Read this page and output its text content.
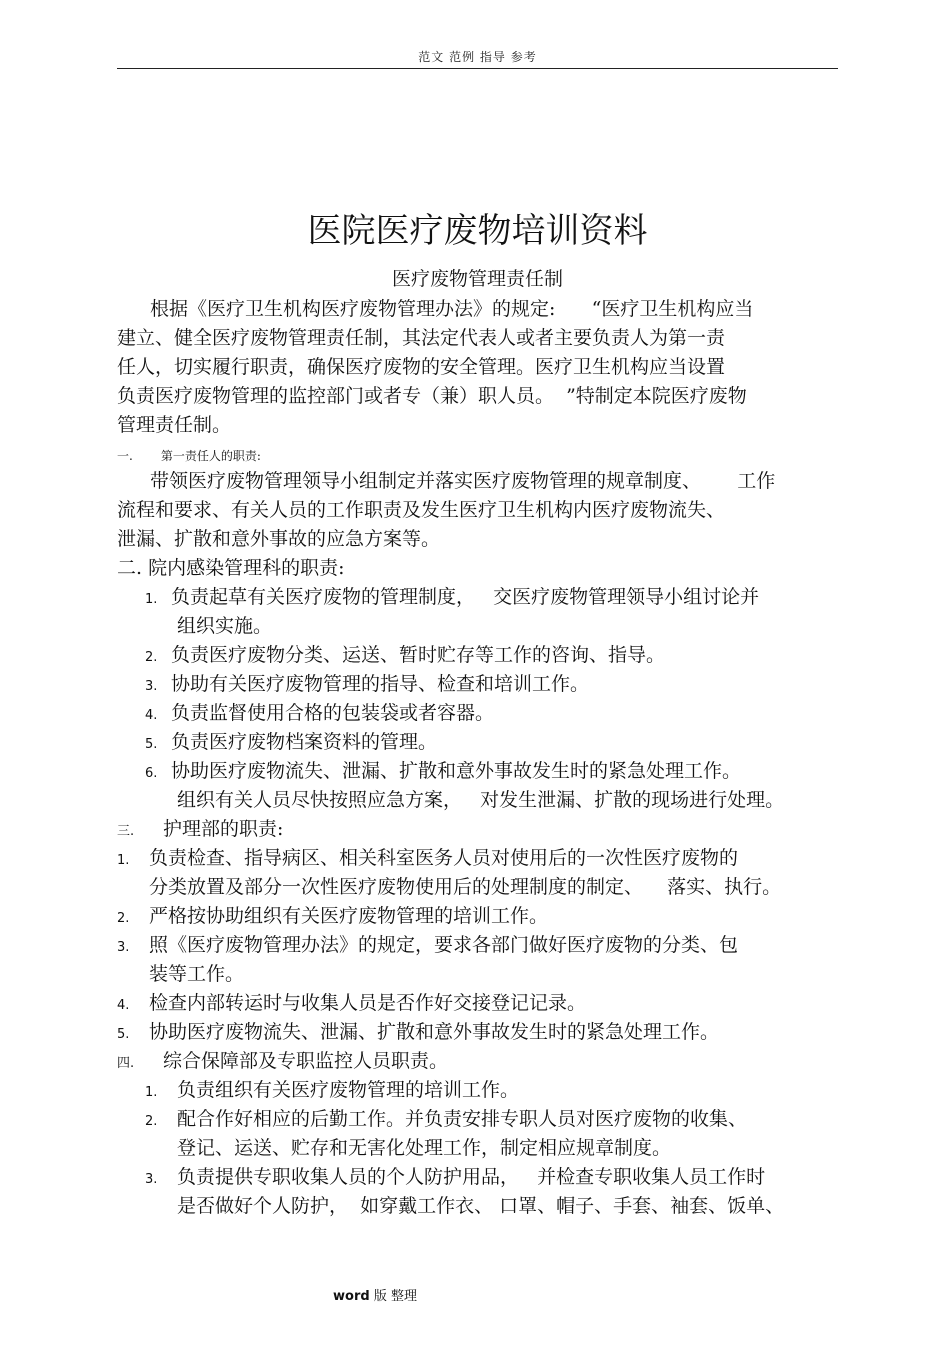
范文 范例 指导 参考
医院医疗废物培训资料
医疗废物管理责任制
根据《医疗卫生机构医疗废物管理办法》的规定:      “医疗卫生机构应当
建立、健全医疗废物管理责任制，其法定代表人或者主要负责人为第一责
任人，切实履行职责，确保医疗废物的安全管理。医疗卫生机构应当设置
负责医疗废物管理的监控部门或者专（兼）职人员。  ”特制定本院医疗废物
管理责任制。
一. 第一责任人的职责:
带领医疗废物管理领导小组制定并落实医疗废物管理的规章制度、      工作
流程和要求、有关人员的工作职责及发生医疗卫生机构内医疗废物流失、
泄漏、扩散和意外事故的应急方案等。
二. 院内感染管理科的职责:
1. 负责起草有关医疗废物的管理制度，   交医疗废物管理领导小组讨论并
组织实施。
2. 负责医疗废物分类、运送、暂时贮存等工作的咨询、指导。
3. 协助有关医疗废物管理的指导、检查和培训工作。
4. 负责监督使用合格的包装袋或者容器。
5. 负责医疗废物档案资料的管理。
6. 协助医疗废物流失、泄漏、扩散和意外事故发生时的紧急处理工作。
组织有关人员尽快按照应急方案，   对发生泄漏、扩散的现场进行处理。
三. 护理部的职责:
1. 负责检查、指导病区、相关科室医务人员对使用后的一次性医疗废物的
分类放置及部分一次性医疗废物使用后的处理制度的制定、    落实、执行。
2. 严格按协助组织有关医疗废物管理的培训工作。
3. 照《医疗废物管理办法》的规定，要求各部门做好医疗废物的分类、包
装等工作。
4. 检查内部转运时与收集人员是否作好交接登记记录。
5. 协助医疗废物流失、泄漏、扩散和意外事故发生时的紧急处理工作。
四. 综合保障部及专职监控人员职责。
1. 负责组织有关医疗废物管理的培训工作。
2. 配合作好相应的后勤工作。并负责安排专职人员对医疗废物的收集、
登记、运送、贮存和无害化处理工作，制定相应规章制度。
3. 负责提供专职收集人员的个人防护用品，   并检查专职收集人员工作时
是否做好个人防护，  如穿戴工作衣、 口罩、帽子、手套、袖套、饭单、
word 版 整理
